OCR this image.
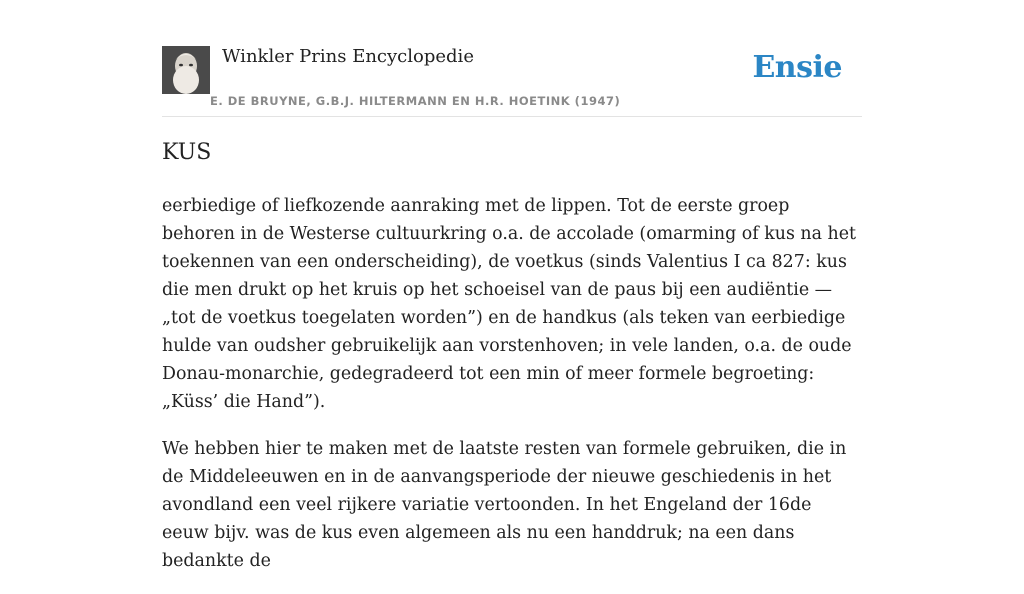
Winkler Prins Encyclopedie
E. DE BRUYNE, G.B.J. HILTERMANN EN H.R. HOETINK (1947)
Ensie
KUS

eerbiedige of liefkozende aanraking met de lippen. Tot de eerste groep behoren in de Westerse cultuurkring o.a. de accolade (omarming of kus na het toekennen van een onderscheiding), de voetkus (sinds Valentius I ca 827: kus die men drukt op het kruis op het schoeisel van de paus bij een audiëntie — „tot de voetkus toegelaten worden”) en de handkus (als teken van eerbiedige hulde van oudsher gebruikelijk aan vorstenhoven; in vele landen, o.a. de oude Donau-monarchie, gedegradeerd tot een min of meer formele begroeting: „Küss’ die Hand”).

We hebben hier te maken met de laatste resten van formele gebruiken, die in de Middeleeuwen en in de aanvangsperiode der nieuwe geschiedenis in het avondland een veel rijkere variatie vertoonden. In het Engeland der 16de eeuw bijv. was de kus even algemeen als nu een handdruk; na een dans bedankte de
